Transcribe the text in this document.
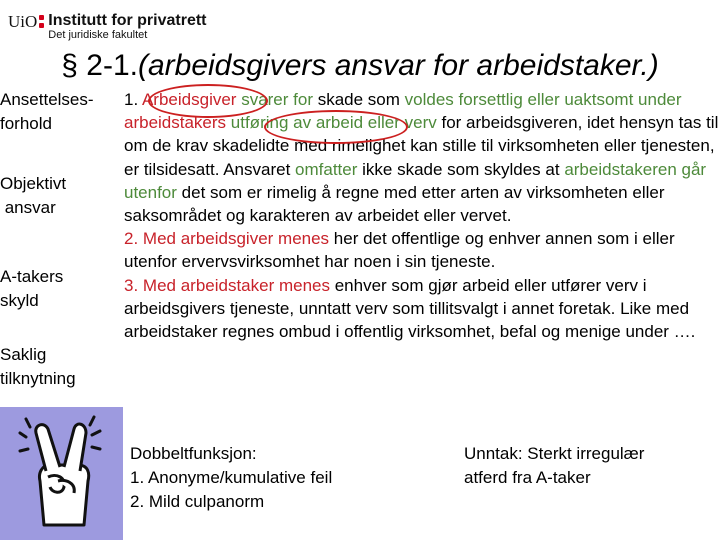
UiO Institutt for privatrett
Det juridiske fakultet
§ 2-1.(arbeidsgivers ansvar for arbeidstaker.)
Ansettelses-
forhold
Objektivt
ansvar
A-takers
skyld
Saklig
tilknytning

1. Arbeidsgiver svarer for skade som voldes forsettlig eller uaktsomt under arbeidstakers utføring av arbeid eller verv for arbeidsgiveren, idet hensyn tas til om de krav skadelidte med rimelighet kan stille til virksomheten eller tjenesten, er tilsidesatt. Ansvaret omfatter ikke skade som skyldes at arbeidstakeren går utenfor det som er rimelig å regne med etter arten av virksomheten eller saksområdet og karakteren av arbeidet eller vervet.

2. Med arbeidsgiver menes her det offentlige og enhver annen som i eller utenfor ervervsvirksomhet har noen i sin tjeneste.

3. Med arbeidstaker menes enhver som gjør arbeid eller utfører verv i arbeidsgivers tjeneste, unntatt verv som tillitsvalgt i annet foretak. Like med arbeidstaker regnes ombud i offentlig virksomhet, befal og menige under ….

Dobbeltfunksjon:
1. Anonyme/kumulative feil
2. Mild culpanorm
Unntak: Sterkt irregulær
atferd fra A-taker
